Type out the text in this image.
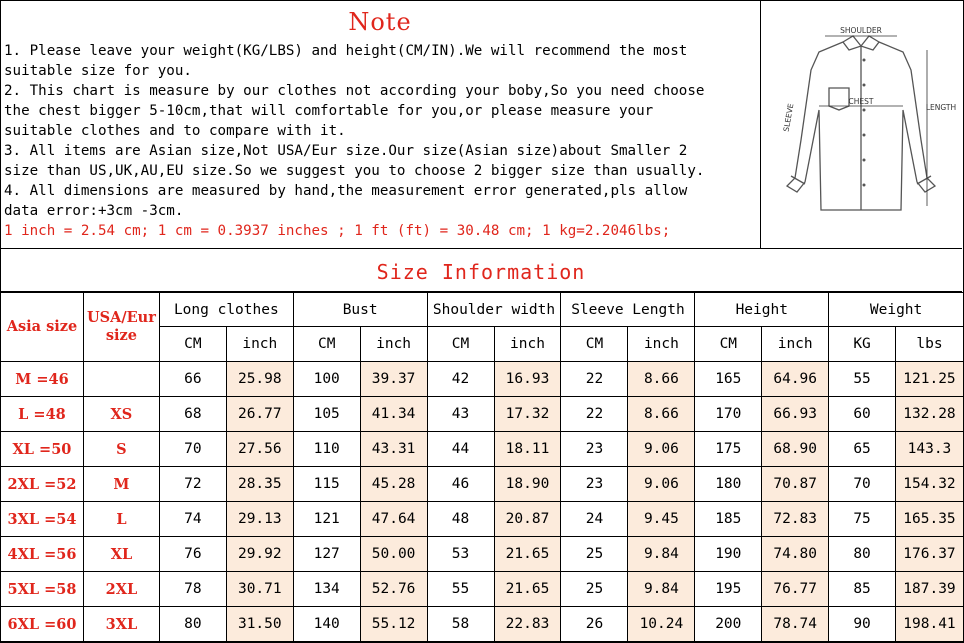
Note
1. Please leave your weight(KG/LBS) and height(CM/IN).We will recommend the most
suitable size for you.
2. This chart is measure by our clothes not according your boby,So you need choose
the chest bigger 5-10cm,that will comfortable for you,or please measure your
suitable clothes and to compare with it.
3. All items are Asian size,Not USA/Eur size.Our size(Asian size)about Smaller 2
size than US,UK,AU,EU size.So we suggest you to choose 2 bigger size than usually.
4. All dimensions are measured by hand,the measurement error generated,pls allow
data error:+3cm -3cm.
1 inch = 2.54 cm; 1 cm = 0.3937 inches ; 1 ft (ft) = 30.48 cm; 1 kg=2.2046lbs;
SHOULDER
CHEST
SLEEVE	LENGTH
Size Information
Asia size	USA/Eur size	Long clothes		Bust		Shoulder width		Sleeve Length		Height		Weight	
		CM	inch	CM	inch	CM	inch	CM	inch	CM	inch	KG	lbs
M =46		66	25.98	100	39.37	42	16.93	22	8.66	165	64.96	55	121.25
L =48	XS	68	26.77	105	41.34	43	17.32	22	8.66	170	66.93	60	132.28
XL =50	S	70	27.56	110	43.31	44	18.11	23	9.06	175	68.90	65	143.3
2XL =52	M	72	28.35	115	45.28	46	18.90	23	9.06	180	70.87	70	154.32
3XL =54	L	74	29.13	121	47.64	48	20.87	24	9.45	185	72.83	75	165.35
4XL =56	XL	76	29.92	127	50.00	53	21.65	25	9.84	190	74.80	80	176.37
5XL =58	2XL	78	30.71	134	52.76	55	21.65	25	9.84	195	76.77	85	187.39
6XL =60	3XL	80	31.50	140	55.12	58	22.83	26	10.24	200	78.74	90	198.41
